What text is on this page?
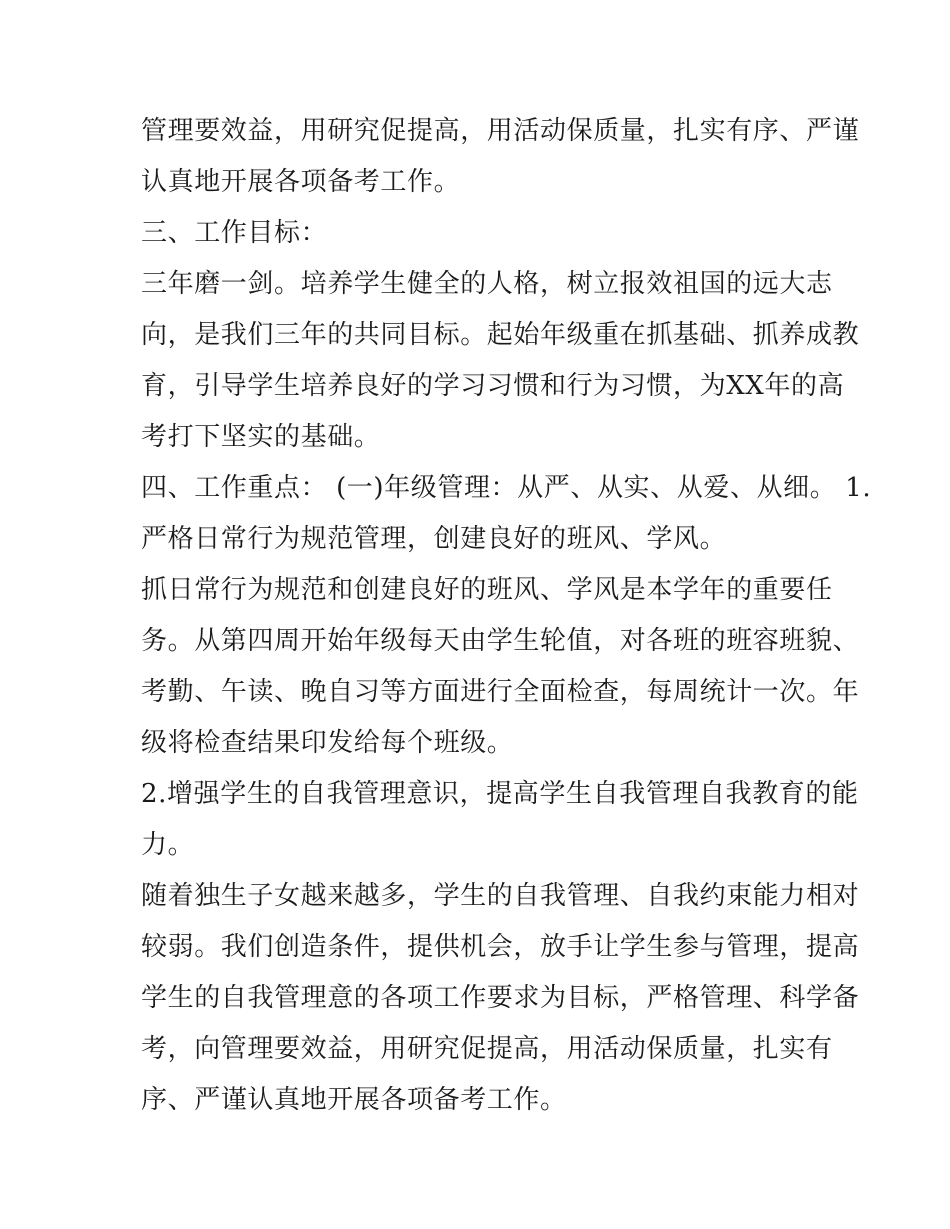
管理要效益，用研究促提高，用活动保质量，扎实有序、严谨
认真地开展各项备考工作。
三、工作目标：
三年磨一剑。培养学生健全的人格，树立报效祖国的远大志
向，是我们三年的共同目标。起始年级重在抓基础、抓养成教
育，引导学生培养良好的学习习惯和行为习惯，为XX年的高
考打下坚实的基础。
四、工作重点： (一)年级管理：从严、从实、从爱、从细。 1.
严格日常行为规范管理，创建良好的班风、学风。
抓日常行为规范和创建良好的班风、学风是本学年的重要任
务。从第四周开始年级每天由学生轮值，对各班的班容班貌、
考勤、午读、晚自习等方面进行全面检查，每周统计一次。年
级将检查结果印发给每个班级。
2.增强学生的自我管理意识，提高学生自我管理自我教育的能
力。
随着独生子女越来越多，学生的自我管理、自我约束能力相对
较弱。我们创造条件，提供机会，放手让学生参与管理，提高
学生的自我管理意的各项工作要求为目标，严格管理、科学备
考，向管理要效益，用研究促提高，用活动保质量，扎实有
序、严谨认真地开展各项备考工作。
